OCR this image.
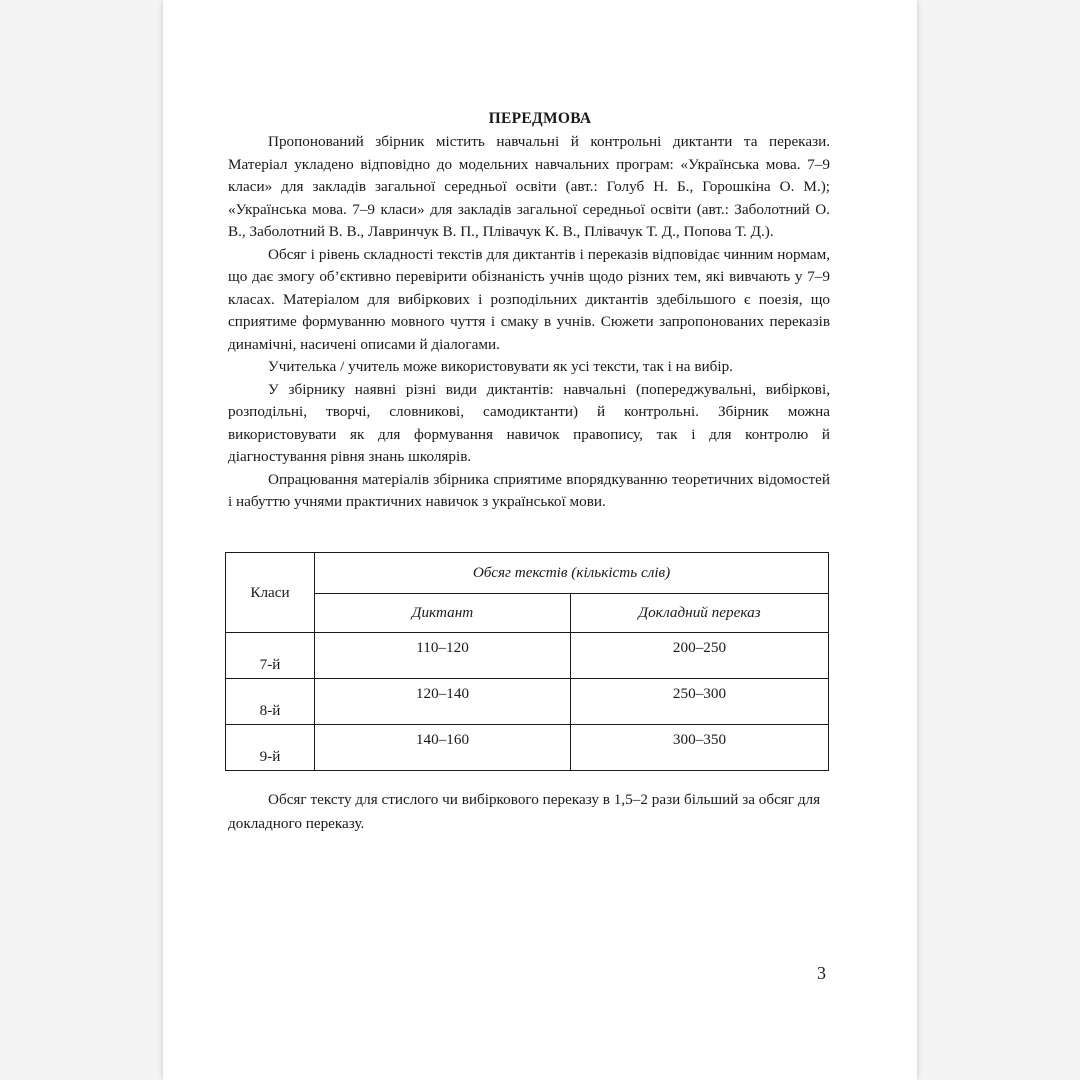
ПЕРЕДМОВА

Пропонований збірник містить навчальні й контрольні диктанти та перекази. Матеріал укладено відповідно до модельних навчальних програм: «Українська мова. 7–9 класи» для закладів загальної середньої освіти (авт.: Голуб Н. Б., Горошкіна О. М.); «Українська мова. 7–9 класи» для закладів загальної середньої освіти (авт.: Заболотний О. В., Заболотний В. В., Лавринчук В. П., Плівачук К. В., Плівачук Т. Д., Попова Т. Д.).

Обсяг і рівень складності текстів для диктантів і переказів відповідає чинним нормам, що дає змогу об’єктивно перевірити обізнаність учнів щодо різних тем, які вивчають у 7–9 класах. Матеріалом для вибіркових і розподільних диктантів здебільшого є поезія, що сприятиме формуванню мовного чуття і смаку в учнів. Сюжети запропонованих переказів динамічні, насичені описами й діалогами.

Учителька / учитель може використовувати як усі тексти, так і на вибір.

У збірнику наявні різні види диктантів: навчальні (попереджувальні, вибіркові, розподільні, творчі, словникові, самодиктанти) й контрольні. Збірник можна використовувати як для формування навичок правопису, так і для контролю й діагностування рівня знань школярів.

Опрацювання матеріалів збірника сприятиме впорядкуванню теоретичних відомостей і набуттю учнями практичних навичок з української мови.

Класи	Обсяг текстів (кількість слів)	
	Диктант	Докладний переказ
7-й	110–120	200–250
8-й	120–140	250–300
9-й	140–160	300–350

Обсяг тексту для стислого чи вибіркового переказу в 1,5–2 рази більший за обсяг для докладного переказу.

3
